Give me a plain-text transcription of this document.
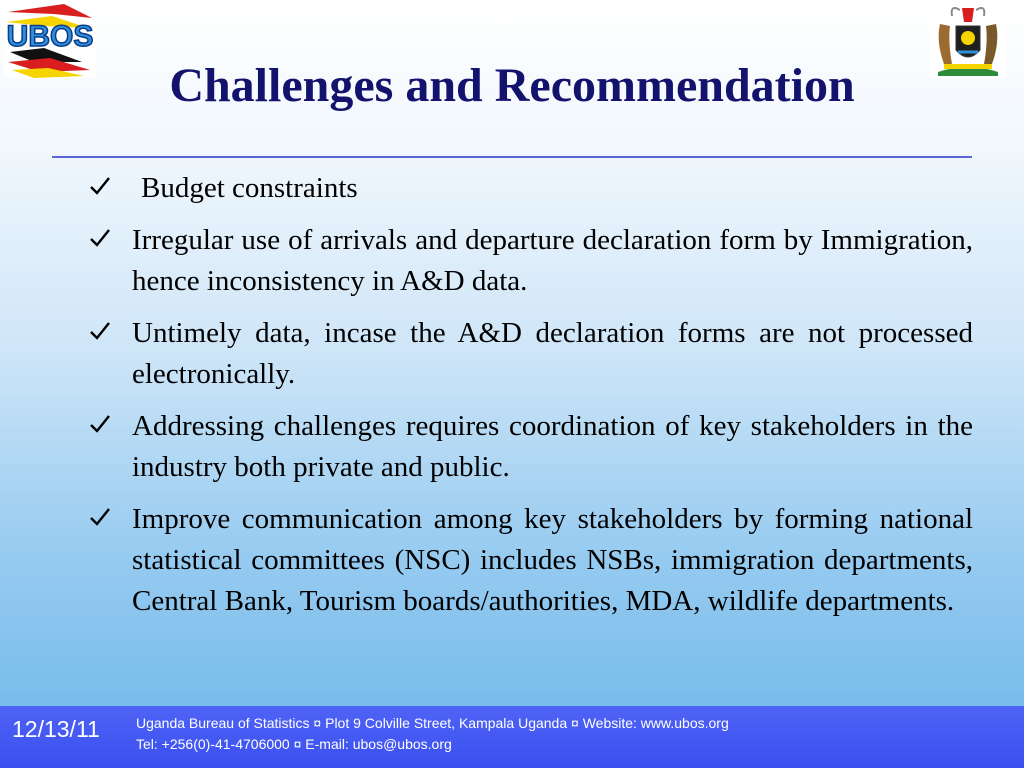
UBOS
Challenges and Recommendation
Budget constraints
Irregular use of arrivals and departure declaration form by Immigration, hence inconsistency in A&D data.
Untimely data, incase the A&D declaration forms are not processed electronically.
Addressing challenges requires coordination of key stakeholders in the industry both private and public.
Improve communication among key stakeholders by forming national statistical committees (NSC) includes NSBs, immigration departments, Central Bank, Tourism boards/authorities, MDA, wildlife departments.
12/13/11	Uganda Bureau of Statistics ¤ Plot 9 Colville Street, Kampala Uganda ¤ Website: www.ubos.org
Tel: +256(0)-41-4706000 ¤ E-mail: ubos@ubos.org
